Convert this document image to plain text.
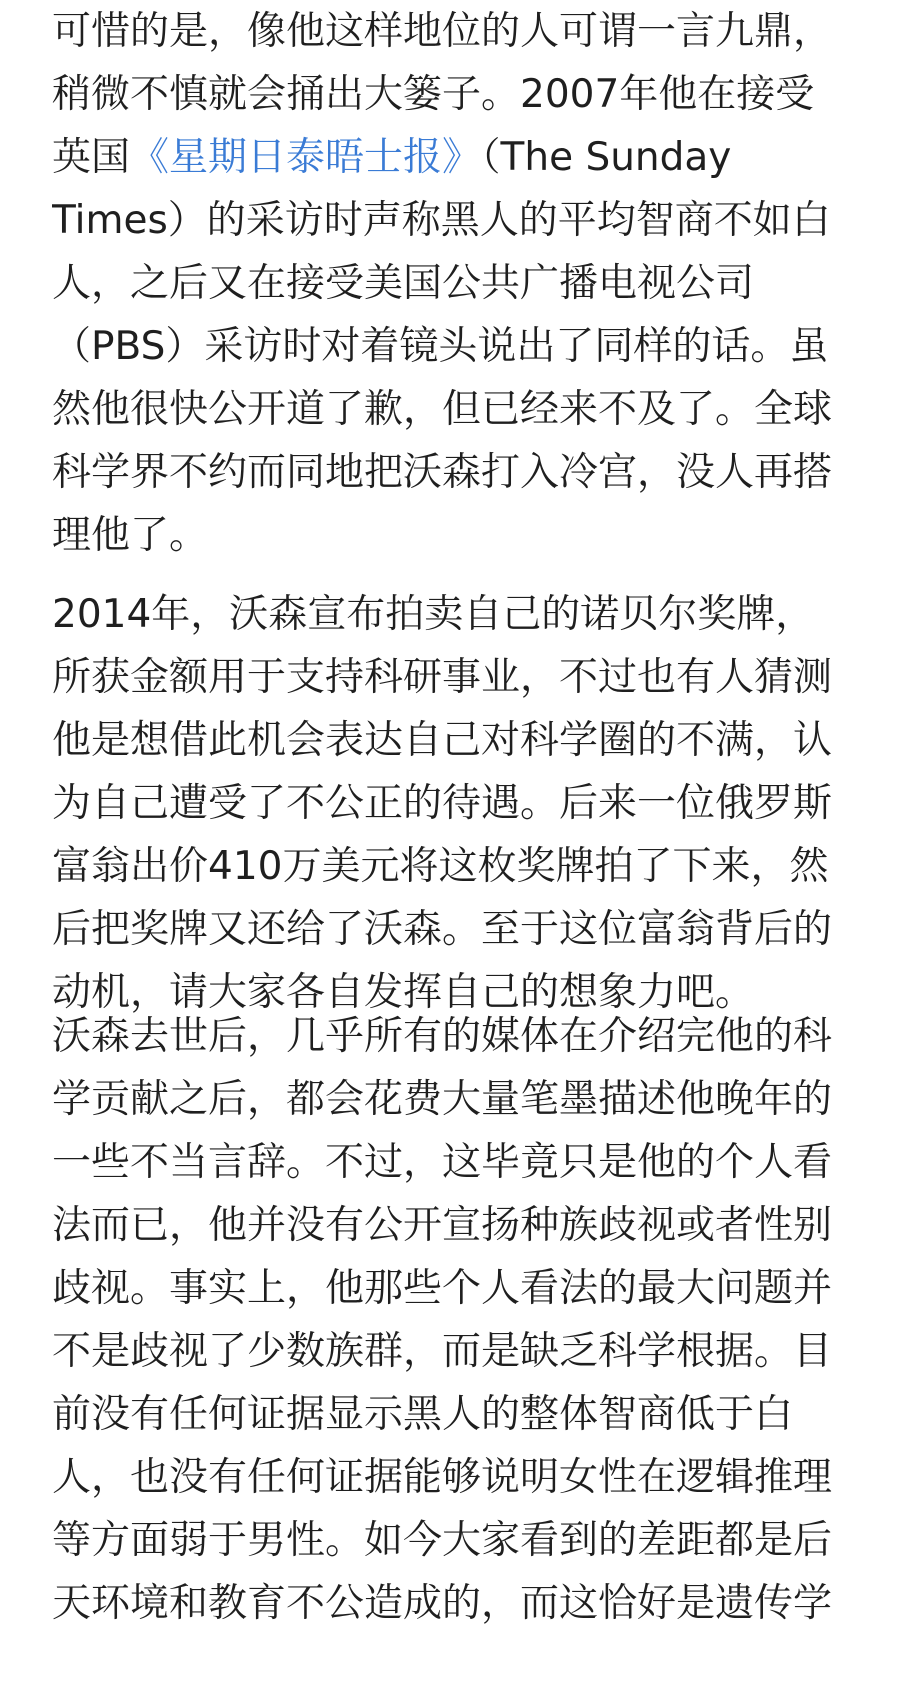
可惜的是，像他这样地位的人可谓一言九鼎，
稍微不慎就会捅出大篓子。2007年他在接受
英国《星期日泰晤士报》（The Sunday
Times）的采访时声称黑人的平均智商不如白
人，之后又在接受美国公共广播电视公司
（PBS）采访时对着镜头说出了同样的话。虽
然他很快公开道了歉，但已经来不及了。全球
科学界不约而同地把沃森打入冷宫，没人再搭
理他了。
2014年，沃森宣布拍卖自己的诺贝尔奖牌，
所获金额用于支持科研事业，不过也有人猜测
他是想借此机会表达自己对科学圈的不满，认
为自己遭受了不公正的待遇。后来一位俄罗斯
富翁出价410万美元将这枚奖牌拍了下来，然
后把奖牌又还给了沃森。至于这位富翁背后的
动机，请大家各自发挥自己的想象力吧。
沃森去世后，几乎所有的媒体在介绍完他的科
学贡献之后，都会花费大量笔墨描述他晚年的
一些不当言辞。不过，这毕竟只是他的个人看
法而已，他并没有公开宣扬种族歧视或者性别
歧视。事实上，他那些个人看法的最大问题并
不是歧视了少数族群，而是缺乏科学根据。目
前没有任何证据显示黑人的整体智商低于白
人，也没有任何证据能够说明女性在逻辑推理
等方面弱于男性。如今大家看到的差距都是后
天环境和教育不公造成的，而这恰好是遗传学
